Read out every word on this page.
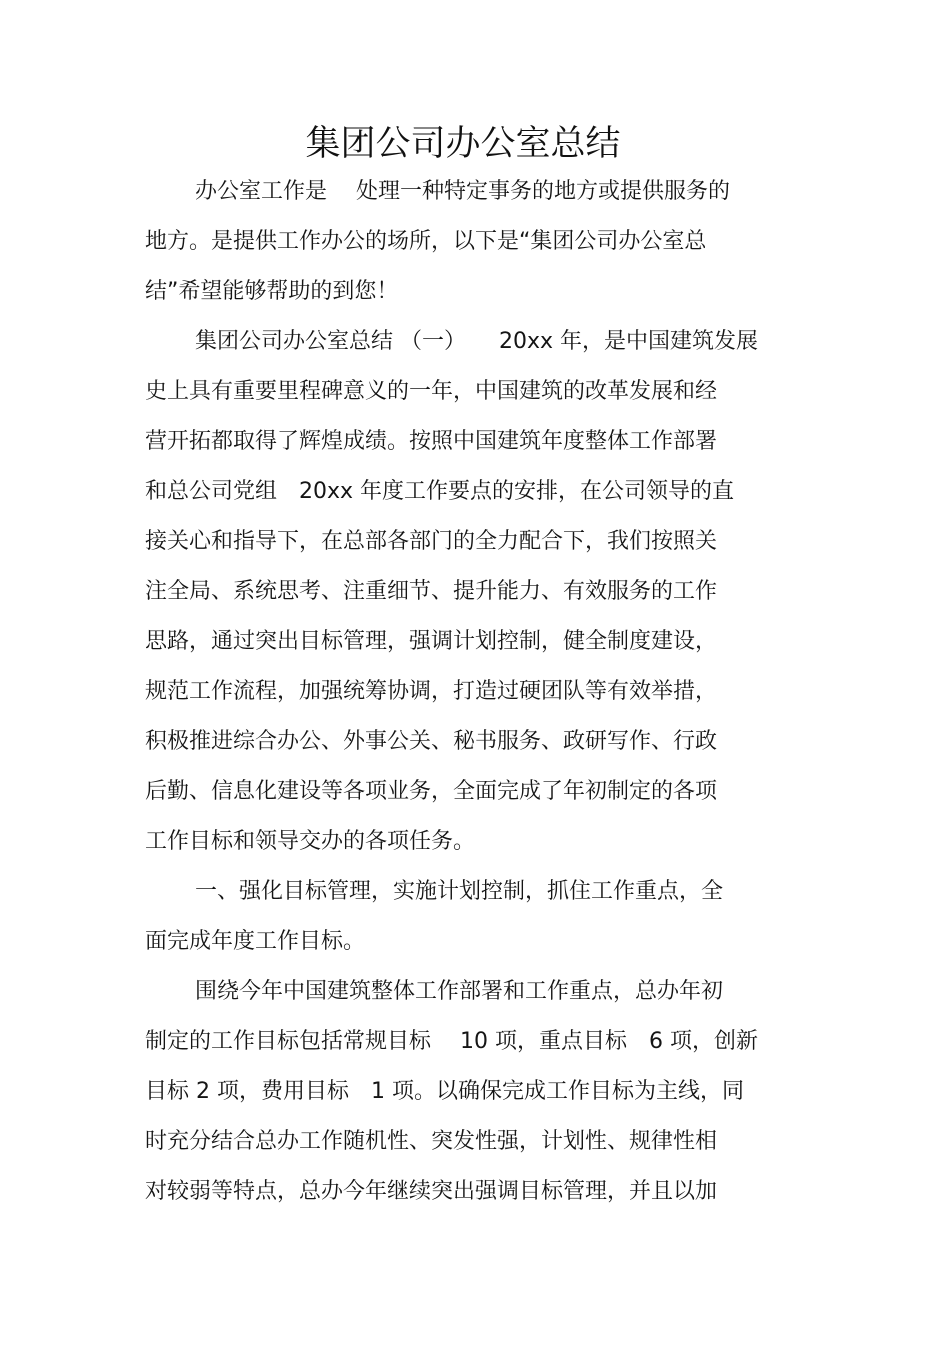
集团公司办公室总结
办公室工作是　 处理一种特定事务的地方或提供服务的
地方。是提供工作办公的场所，以下是“集团公司办公室总
结”希望能够帮助的到您！
集团公司办公室总结 （一）　　20xx 年，是中国建筑发展
史上具有重要里程碑意义的一年，中国建筑的改革发展和经
营开拓都取得了辉煌成绩。按照中国建筑年度整体工作部署
和总公司党组　20xx 年度工作要点的安排，在公司领导的直
接关心和指导下，在总部各部门的全力配合下，我们按照关
注全局、系统思考、注重细节、提升能力、有效服务的工作
思路，通过突出目标管理，强调计划控制，健全制度建设，
规范工作流程，加强统筹协调，打造过硬团队等有效举措，
积极推进综合办公、外事公关、秘书服务、政研写作、行政
后勤、信息化建设等各项业务，全面完成了年初制定的各项
工作目标和领导交办的各项任务。
一、强化目标管理，实施计划控制，抓住工作重点，全
面完成年度工作目标。
围绕今年中国建筑整体工作部署和工作重点，总办年初
制定的工作目标包括常规目标　 10 项，重点目标　6 项，创新
目标 2 项，费用目标　1 项。以确保完成工作目标为主线，同
时充分结合总办工作随机性、突发性强，计划性、规律性相
对较弱等特点，总办今年继续突出强调目标管理，并且以加
